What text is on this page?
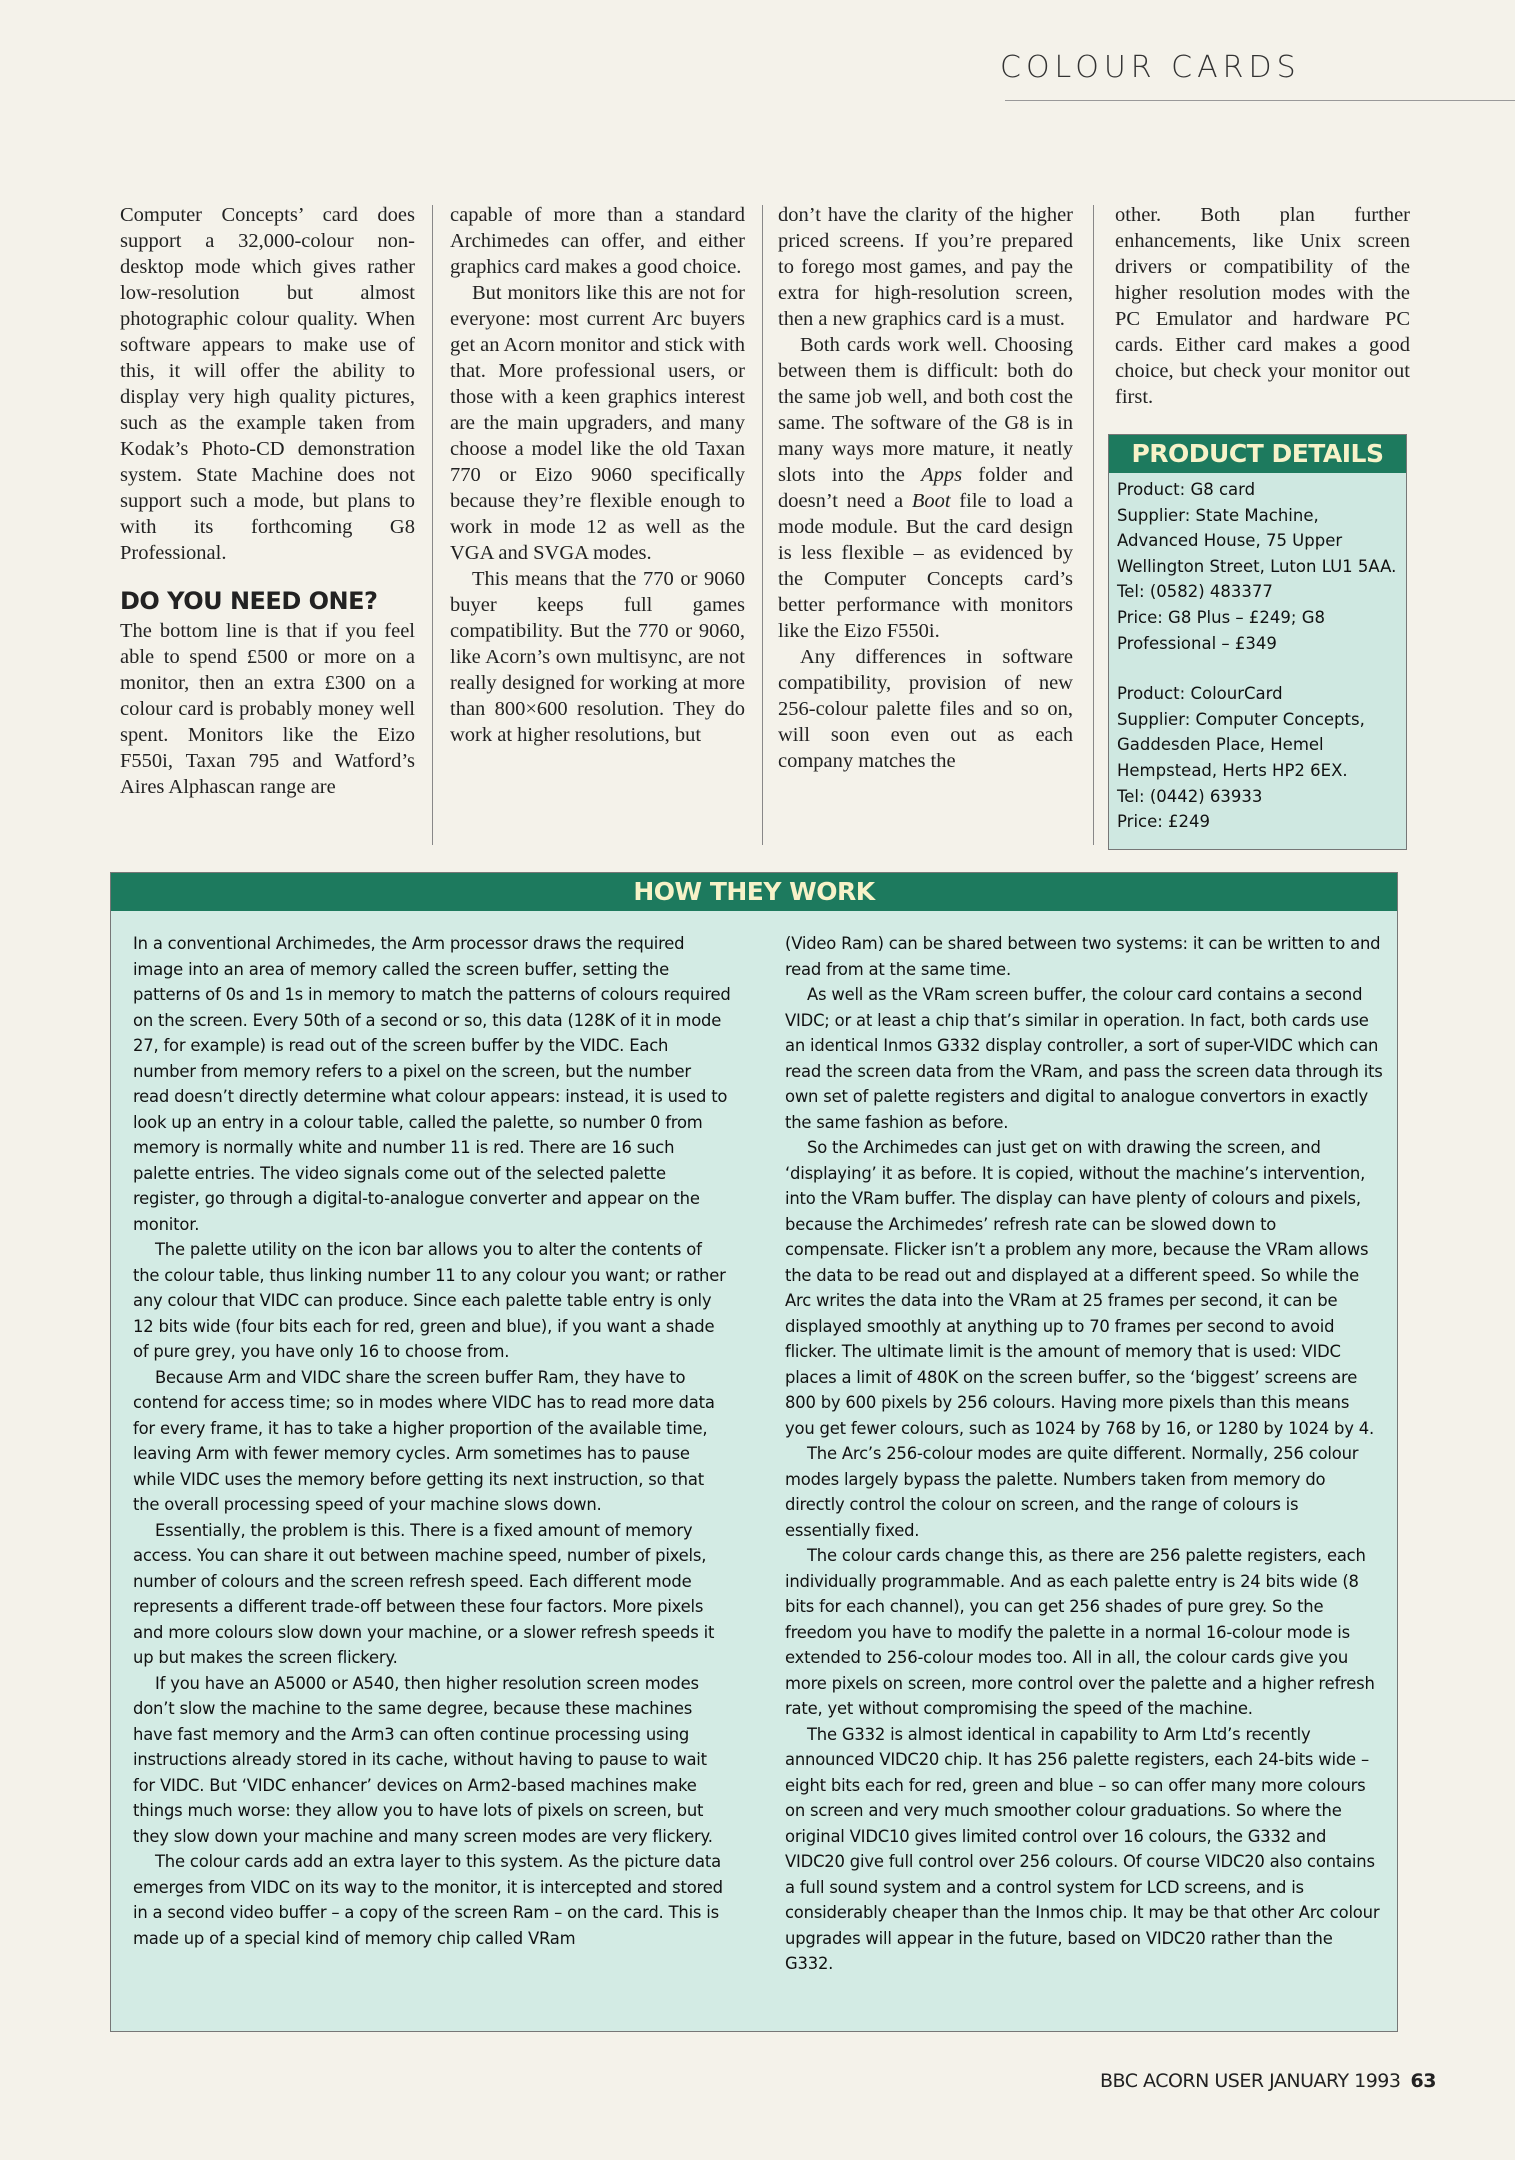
COLOUR CARDS

Computer Concepts’ card does support a 32,000-colour non-desktop mode which gives rather low-resolution but almost photographic colour quality. When software appears to make use of this, it will offer the ability to display very high quality pictures, such as the example taken from Kodak’s Photo-CD demonstration system. State Machine does not support such a mode, but plans to with its forthcoming G8 Professional.

DO YOU NEED ONE?

The bottom line is that if you feel able to spend £500 or more on a monitor, then an extra £300 on a colour card is probably money well spent. Monitors like the Eizo F550i, Taxan 795 and Watford’s Aires Alphascan range are

capable of more than a standard Archimedes can offer, and either graphics card makes a good choice.

But monitors like this are not for everyone: most current Arc buyers get an Acorn monitor and stick with that. More professional users, or those with a keen graphics interest are the main upgraders, and many choose a model like the old Taxan 770 or Eizo 9060 specifically because they’re flexible enough to work in mode 12 as well as the VGA and SVGA modes.

This means that the 770 or 9060 buyer keeps full games compatibility. But the 770 or 9060, like Acorn’s own multisync, are not really designed for working at more than 800×600 resolution. They do work at higher resolutions, but

don’t have the clarity of the higher priced screens. If you’re prepared to forego most games, and pay the extra for high-resolution screen, then a new graphics card is a must.

Both cards work well. Choosing between them is difficult: both do the same job well, and both cost the same. The software of the G8 is in many ways more mature, it neatly slots into the Apps folder and doesn’t need a Boot file to load a mode module. But the card design is less flexible – as evidenced by the Computer Concepts card’s better performance with monitors like the Eizo F550i.

Any differences in software compatibility, provision of new 256-colour palette files and so on, will soon even out as each company matches the

other. Both plan further enhancements, like Unix screen drivers or compatibility of the higher resolution modes with the PC Emulator and hardware PC cards. Either card makes a good choice, but check your monitor out first.

PRODUCT DETAILS
Product: G8 card
Supplier: State Machine, Advanced House, 75 Upper Wellington Street, Luton LU1 5AA.
Tel: (0582) 483377
Price: G8 Plus – £249; G8 Professional – £349
Product: ColourCard
Supplier: Computer Concepts, Gaddesden Place, Hemel Hempstead, Herts HP2 6EX.
Tel: (0442) 63933
Price: £249
HOW THEY WORK

In a conventional Archimedes, the Arm processor draws the required image into an area of memory called the screen buffer, setting the patterns of 0s and 1s in memory to match the patterns of colours required on the screen. Every 50th of a second or so, this data (128K of it in mode 27, for example) is read out of the screen buffer by the VIDC. Each number from memory refers to a pixel on the screen, but the number read doesn’t directly determine what colour appears: instead, it is used to look up an entry in a colour table, called the palette, so number 0 from memory is normally white and number 11 is red. There are 16 such palette entries. The video signals come out of the selected palette register, go through a digital-to-analogue converter and appear on the monitor.

The palette utility on the icon bar allows you to alter the contents of the colour table, thus linking number 11 to any colour you want; or rather any colour that VIDC can produce. Since each palette table entry is only 12 bits wide (four bits each for red, green and blue), if you want a shade of pure grey, you have only 16 to choose from.

Because Arm and VIDC share the screen buffer Ram, they have to contend for access time; so in modes where VIDC has to read more data for every frame, it has to take a higher proportion of the available time, leaving Arm with fewer memory cycles. Arm sometimes has to pause while VIDC uses the memory before getting its next instruction, so that the overall processing speed of your machine slows down.

Essentially, the problem is this. There is a fixed amount of memory access. You can share it out between machine speed, number of pixels, number of colours and the screen refresh speed. Each different mode represents a different trade-off between these four factors. More pixels and more colours slow down your machine, or a slower refresh speeds it up but makes the screen flickery.

If you have an A5000 or A540, then higher resolution screen modes don’t slow the machine to the same degree, because these machines have fast memory and the Arm3 can often continue processing using instructions already stored in its cache, without having to pause to wait for VIDC. But ‘VIDC enhancer’ devices on Arm2-based machines make things much worse: they allow you to have lots of pixels on screen, but they slow down your machine and many screen modes are very flickery.

The colour cards add an extra layer to this system. As the picture data emerges from VIDC on its way to the monitor, it is intercepted and stored in a second video buffer – a copy of the screen Ram – on the card. This is made up of a special kind of memory chip called VRam

(Video Ram) can be shared between two systems: it can be written to and read from at the same time.

As well as the VRam screen buffer, the colour card contains a second VIDC; or at least a chip that’s similar in operation. In fact, both cards use an identical Inmos G332 display controller, a sort of super-VIDC which can read the screen data from the VRam, and pass the screen data through its own set of palette registers and digital to analogue convertors in exactly the same fashion as before.

So the Archimedes can just get on with drawing the screen, and ‘displaying’ it as before. It is copied, without the machine’s intervention, into the VRam buffer. The display can have plenty of colours and pixels, because the Archimedes’ refresh rate can be slowed down to compensate. Flicker isn’t a problem any more, because the VRam allows the data to be read out and displayed at a different speed. So while the Arc writes the data into the VRam at 25 frames per second, it can be displayed smoothly at anything up to 70 frames per second to avoid flicker. The ultimate limit is the amount of memory that is used: VIDC places a limit of 480K on the screen buffer, so the ‘biggest’ screens are 800 by 600 pixels by 256 colours. Having more pixels than this means you get fewer colours, such as 1024 by 768 by 16, or 1280 by 1024 by 4.

The Arc’s 256-colour modes are quite different. Normally, 256 colour modes largely bypass the palette. Numbers taken from memory do directly control the colour on screen, and the range of colours is essentially fixed.

The colour cards change this, as there are 256 palette registers, each individually programmable. And as each palette entry is 24 bits wide (8 bits for each channel), you can get 256 shades of pure grey. So the freedom you have to modify the palette in a normal 16-colour mode is extended to 256-colour modes too. All in all, the colour cards give you more pixels on screen, more control over the palette and a higher refresh rate, yet without compromising the speed of the machine.

The G332 is almost identical in capability to Arm Ltd’s recently announced VIDC20 chip. It has 256 palette registers, each 24-bits wide – eight bits each for red, green and blue – so can offer many more colours on screen and very much smoother colour graduations. So where the original VIDC10 gives limited control over 16 colours, the G332 and VIDC20 give full control over 256 colours. Of course VIDC20 also contains a full sound system and a control system for LCD screens, and is considerably cheaper than the Inmos chip. It may be that other Arc colour upgrades will appear in the future, based on VIDC20 rather than the G332.

BBC ACORN USER JANUARY 1993 63
